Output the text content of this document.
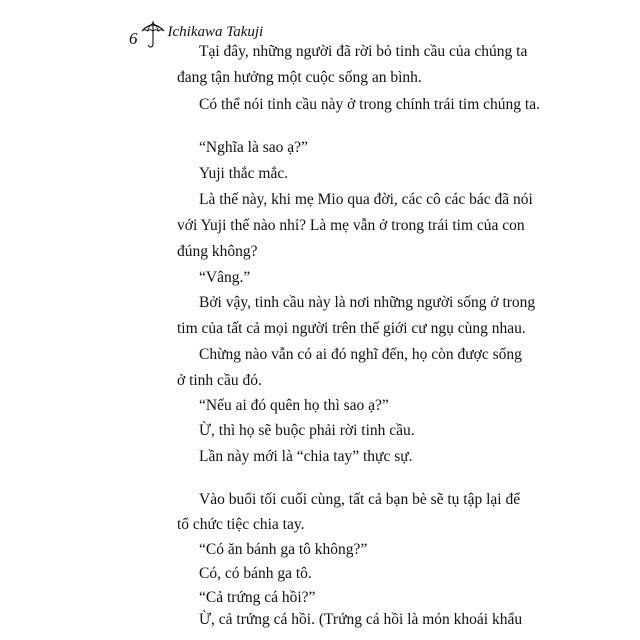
6 Ichikawa Takuji
Tại đây, những người đã rời bỏ tinh cầu của chúng ta
đang tận hưởng một cuộc sống an bình.
Có thể nói tinh cầu này ở trong chính trái tim chúng ta.
“Nghĩa là sao ạ?”
Yuji thắc mắc.
Là thế này, khi mẹ Mio qua đời, các cô các bác đã nói
với Yuji thế nào nhỉ? Là mẹ vẫn ở trong trái tim của con
đúng không?
“Vâng.”
Bởi vậy, tinh cầu này là nơi những người sống ở trong
tim của tất cả mọi người trên thế giới cư ngụ cùng nhau.
Chừng nào vẫn có ai đó nghĩ đến, họ còn được sống
ở tinh cầu đó.
“Nếu ai đó quên họ thì sao ạ?”
Ừ, thì họ sẽ buộc phải rời tinh cầu.
Lần này mới là “chia tay” thực sự.
Vào buổi tối cuối cùng, tất cả bạn bè sẽ tụ tập lại để
tổ chức tiệc chia tay.
“Có ăn bánh ga tô không?”
Có, có bánh ga tô.
“Cả trứng cá hồi?”
Ừ, cả trứng cá hồi. (Trứng cá hồi là món khoái khẩu
